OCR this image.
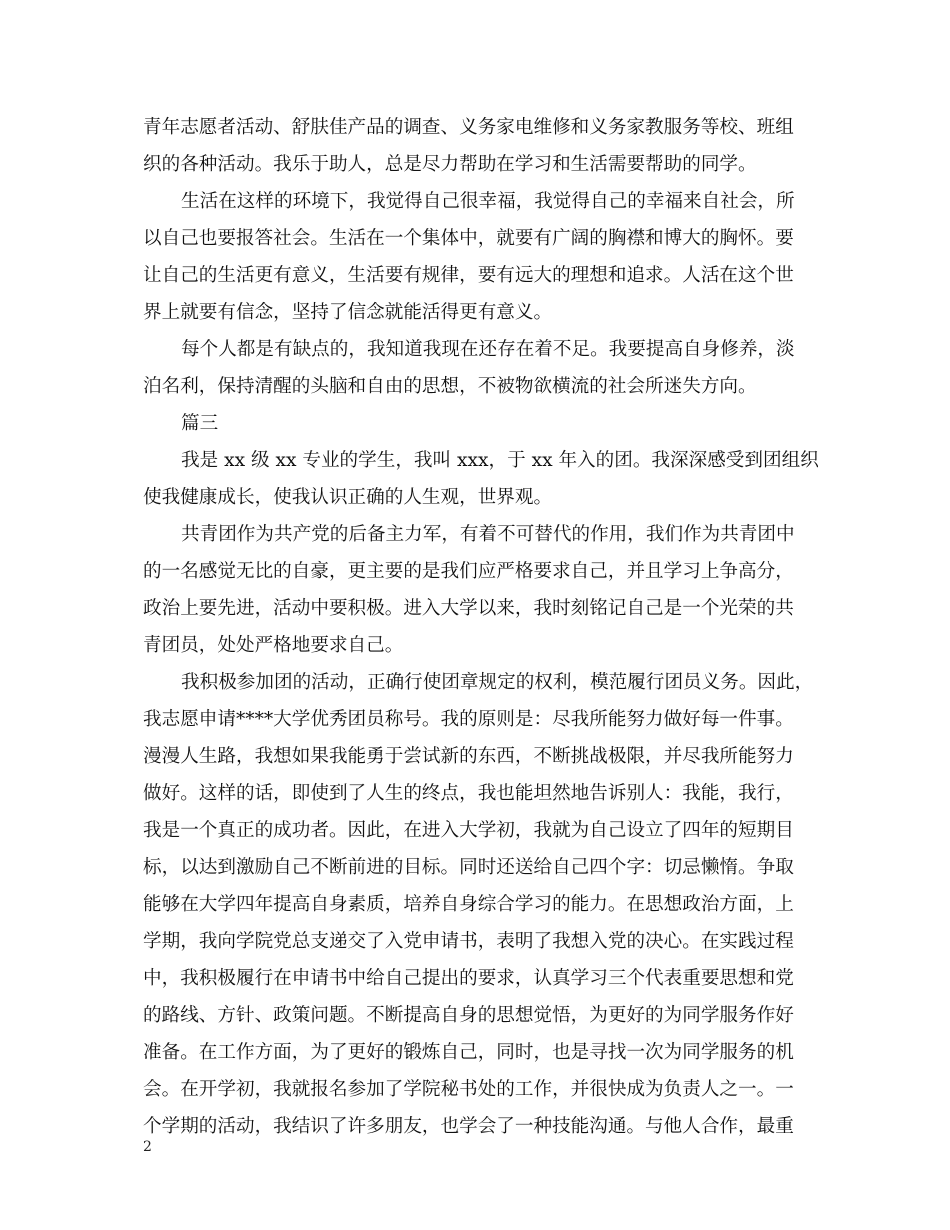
青年志愿者活动、舒肤佳产品的调查、义务家电维修和义务家教服务等校、班组
织的各种活动。我乐于助人，总是尽力帮助在学习和生活需要帮助的同学。
生活在这样的环境下，我觉得自己很幸福，我觉得自己的幸福来自社会，所
以自己也要报答社会。生活在一个集体中，就要有广阔的胸襟和博大的胸怀。要
让自己的生活更有意义，生活要有规律，要有远大的理想和追求。人活在这个世
界上就要有信念，坚持了信念就能活得更有意义。
每个人都是有缺点的，我知道我现在还存在着不足。我要提高自身修养，淡
泊名利，保持清醒的头脑和自由的思想，不被物欲横流的社会所迷失方向。
篇三
我是 xx 级 xx 专业的学生，我叫 xxx，于 xx 年入的团。我深深感受到团组织
使我健康成长，使我认识正确的人生观，世界观。
共青团作为共产党的后备主力军，有着不可替代的作用，我们作为共青团中
的一名感觉无比的自豪，更主要的是我们应严格要求自己，并且学习上争高分，
政治上要先进，活动中要积极。进入大学以来，我时刻铭记自己是一个光荣的共
青团员，处处严格地要求自己。
我积极参加团的活动，正确行使团章规定的权利，模范履行团员义务。因此，
我志愿申请****大学优秀团员称号。我的原则是：尽我所能努力做好每一件事。
漫漫人生路，我想如果我能勇于尝试新的东西，不断挑战极限，并尽我所能努力
做好。这样的话，即使到了人生的终点，我也能坦然地告诉别人：我能，我行，
我是一个真正的成功者。因此，在进入大学初，我就为自己设立了四年的短期目
标，以达到激励自己不断前进的目标。同时还送给自己四个字：切忌懒惰。争取
能够在大学四年提高自身素质，培养自身综合学习的能力。在思想政治方面，上
学期，我向学院党总支递交了入党申请书，表明了我想入党的决心。在实践过程
中，我积极履行在申请书中给自己提出的要求，认真学习三个代表重要思想和党
的路线、方针、政策问题。不断提高自身的思想觉悟，为更好的为同学服务作好
准备。在工作方面，为了更好的锻炼自己，同时，也是寻找一次为同学服务的机
会。在开学初，我就报名参加了学院秘书处的工作，并很快成为负责人之一。一
个学期的活动，我结识了许多朋友，也学会了一种技能沟通。与他人合作，最重
2
